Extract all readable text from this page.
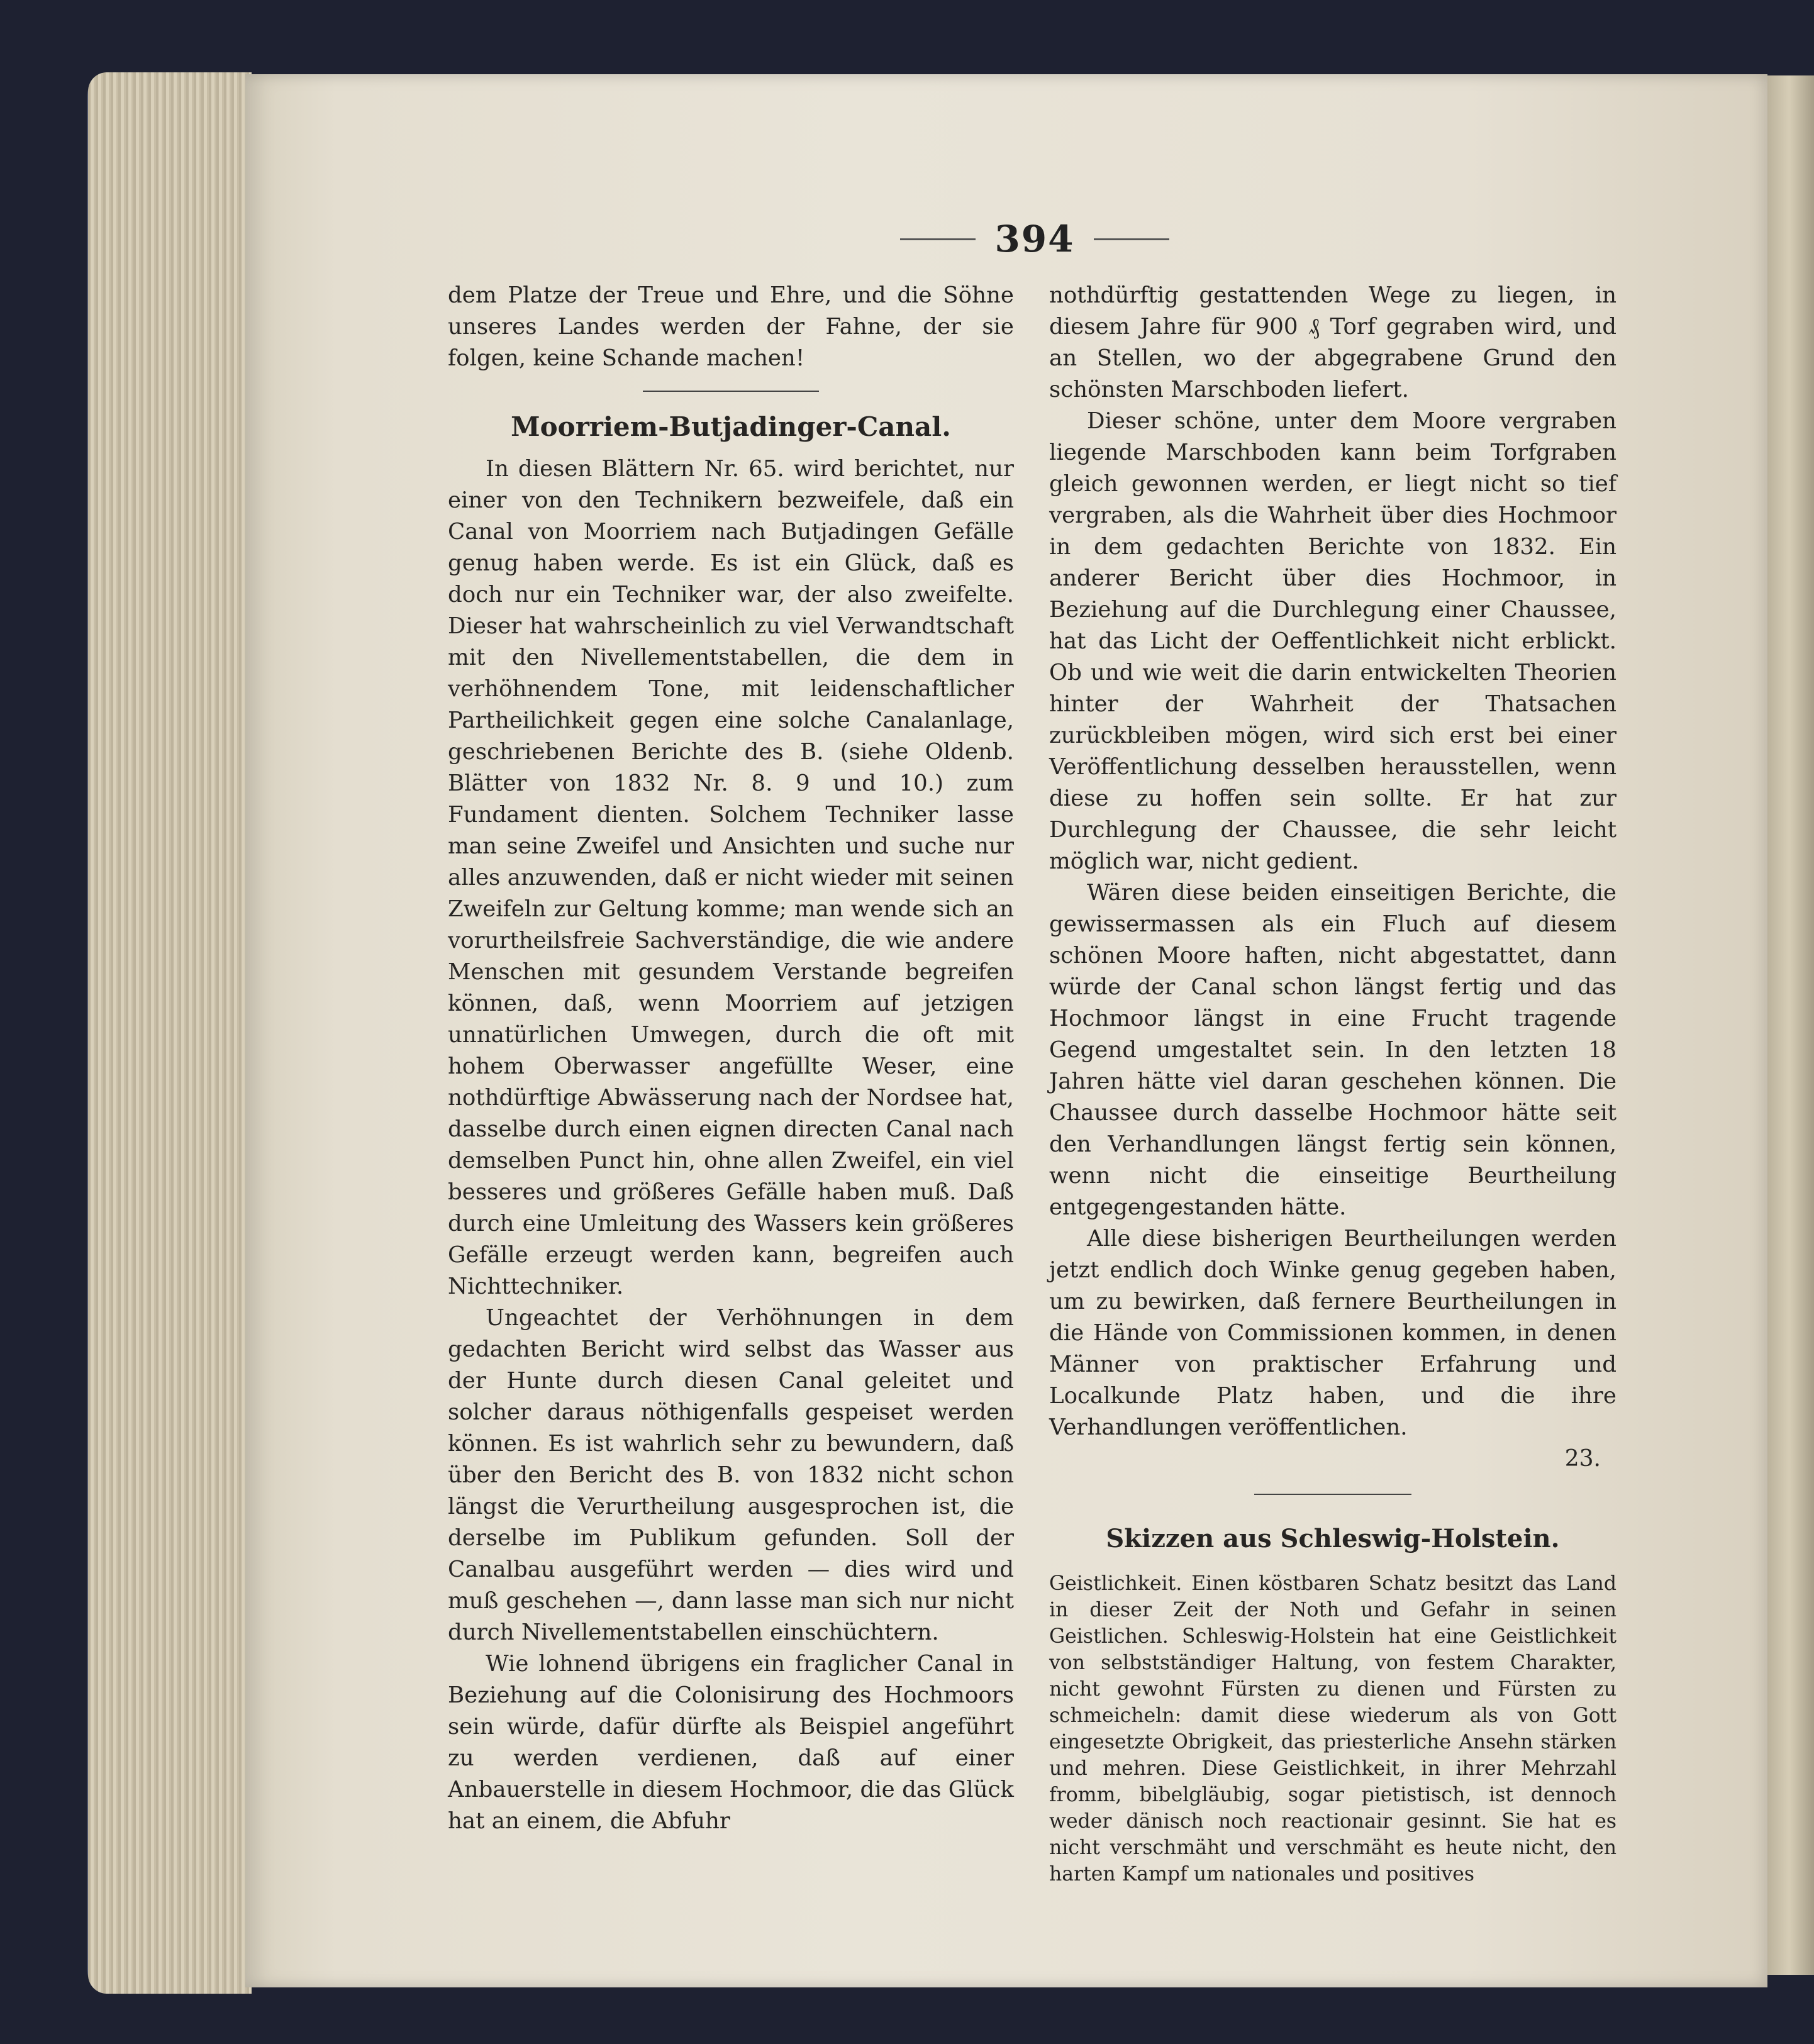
394

dem Platze der Treue und Ehre, und die Söhne unseres Landes werden der Fahne, der sie folgen, keine Schande machen!

Moorriem-Butjadinger-Canal.

In diesen Blättern Nr. 65. wird berichtet, nur einer von den Technikern bezweifele, daß ein Canal von Moorriem nach Butjadingen Gefälle genug haben werde. Es ist ein Glück, daß es doch nur ein Techniker war, der also zweifelte. Dieser hat wahrscheinlich zu viel Verwandtschaft mit den Nivellementstabellen, die dem in verhöhnendem Tone, mit leidenschaftlicher Partheilichkeit gegen eine solche Canalanlage, geschriebenen Berichte des B. (siehe Oldenb. Blätter von 1832 Nr. 8. 9 und 10.) zum Fundament dienten. Solchem Techniker lasse man seine Zweifel und Ansichten und suche nur alles anzuwenden, daß er nicht wieder mit seinen Zweifeln zur Geltung komme; man wende sich an vorurtheilsfreie Sachverständige, die wie andere Menschen mit gesundem Verstande begreifen können, daß, wenn Moorriem auf jetzigen unnatürlichen Umwegen, durch die oft mit hohem Oberwasser angefüllte Weser, eine nothdürftige Abwässerung nach der Nordsee hat, dasselbe durch einen eignen directen Canal nach demselben Punct hin, ohne allen Zweifel, ein viel besseres und größeres Gefälle haben muß. Daß durch eine Umleitung des Wassers kein größeres Gefälle erzeugt werden kann, begreifen auch Nichttechniker.

Ungeachtet der Verhöhnungen in dem gedachten Bericht wird selbst das Wasser aus der Hunte durch diesen Canal geleitet und solcher daraus nöthigenfalls gespeiset werden können. Es ist wahrlich sehr zu bewundern, daß über den Bericht des B. von 1832 nicht schon längst die Verurtheilung ausgesprochen ist, die derselbe im Publikum gefunden. Soll der Canalbau ausgeführt werden — dies wird und muß geschehen —, dann lasse man sich nur nicht durch Nivellementstabellen einschüchtern.

Wie lohnend übrigens ein fraglicher Canal in Beziehung auf die Colonisirung des Hochmoors sein würde, dafür dürfte als Beispiel angeführt zu werden verdienen, daß auf einer Anbauerstelle in diesem Hochmoor, die das Glück hat an einem, die Abfuhr

nothdürftig gestattenden Wege zu liegen, in diesem Jahre für 900 ₰ Torf gegraben wird, und an Stellen, wo der abgegrabene Grund den schönsten Marschboden liefert.

Dieser schöne, unter dem Moore vergraben liegende Marschboden kann beim Torfgraben gleich gewonnen werden, er liegt nicht so tief vergraben, als die Wahrheit über dies Hochmoor in dem gedachten Berichte von 1832. Ein anderer Bericht über dies Hochmoor, in Beziehung auf die Durchlegung einer Chaussee, hat das Licht der Oeffentlichkeit nicht erblickt. Ob und wie weit die darin entwickelten Theorien hinter der Wahrheit der Thatsachen zurückbleiben mögen, wird sich erst bei einer Veröffentlichung desselben herausstellen, wenn diese zu hoffen sein sollte. Er hat zur Durchlegung der Chaussee, die sehr leicht möglich war, nicht gedient.

Wären diese beiden einseitigen Berichte, die gewissermassen als ein Fluch auf diesem schönen Moore haften, nicht abgestattet, dann würde der Canal schon längst fertig und das Hochmoor längst in eine Frucht tragende Gegend umgestaltet sein. In den letzten 18 Jahren hätte viel daran geschehen können. Die Chaussee durch dasselbe Hochmoor hätte seit den Verhandlungen längst fertig sein können, wenn nicht die einseitige Beurtheilung entgegengestanden hätte.

Alle diese bisherigen Beurtheilungen werden jetzt endlich doch Winke genug gegeben haben, um zu bewirken, daß fernere Beurtheilungen in die Hände von Commissionen kommen, in denen Männer von praktischer Erfahrung und Localkunde Platz haben, und die ihre Verhandlungen veröffentlichen.

23.

Skizzen aus Schleswig-Holstein.

Geistlichkeit. Einen köstbaren Schatz besitzt das Land in dieser Zeit der Noth und Gefahr in seinen Geistlichen. Schleswig-Holstein hat eine Geistlichkeit von selbstständiger Haltung, von festem Charakter, nicht gewohnt Fürsten zu dienen und Fürsten zu schmeicheln: damit diese wiederum als von Gott eingesetzte Obrigkeit, das priesterliche Ansehn stärken und mehren. Diese Geistlichkeit, in ihrer Mehrzahl fromm, bibelgläubig, sogar pietistisch, ist dennoch weder dänisch noch reactionair gesinnt. Sie hat es nicht verschmäht und verschmäht es heute nicht, den harten Kampf um nationales und positives
